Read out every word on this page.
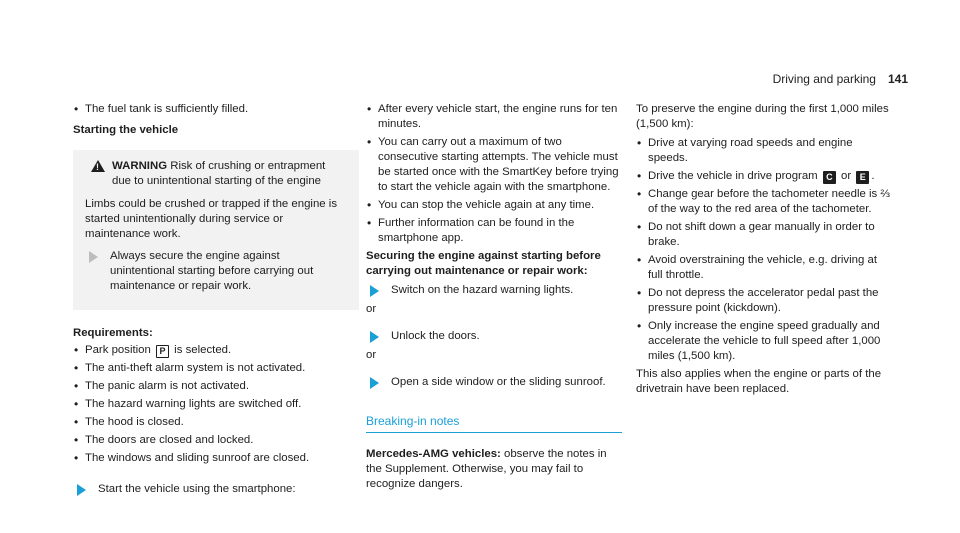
Driving and parking 141
• The fuel tank is sufficiently filled.
Starting the vehicle
!
WARNING Risk of crushing or entrapment due to unintentional starting of the engine

Limbs could be crushed or trapped if the engine is started unintentionally during service or maintenance work.

Always secure the engine against unintentional starting before carrying out maintenance or repair work.
Requirements:
• Park position P is selected.
• The anti-theft alarm system is not activated.
• The panic alarm is not activated.
• The hazard warning lights are switched off.
• The hood is closed.
• The doors are closed and locked.
• The windows and sliding sunroof are closed.
Start the vehicle using the smartphone:
• After every vehicle start, the engine runs for ten minutes.
• You can carry out a maximum of two consecutive starting attempts. The vehicle must be started once with the SmartKey before trying to start the vehicle again with the smartphone.
• You can stop the vehicle again at any time.
• Further information can be found in the smartphone app.
Securing the engine against starting before carrying out maintenance or repair work:
Switch on the hazard warning lights.
or
Unlock the doors.
or
Open a side window or the sliding sunroof.
Breaking-in notes

Mercedes-AMG vehicles: observe the notes in the Supplement. Otherwise, you may fail to recognize dangers.

To preserve the engine during the first 1,000 miles (1,500 km):

• Drive at varying road speeds and engine speeds.
• Drive the vehicle in drive program C or E .
• Change gear before the tachometer needle is ⅔ of the way to the red area of the tachometer.
• Do not shift down a gear manually in order to brake.
• Avoid overstraining the vehicle, e.g. driving at full throttle.
• Do not depress the accelerator pedal past the pressure point (kickdown).
• Only increase the engine speed gradually and accelerate the vehicle to full speed after 1,000 miles (1,500 km).

This also applies when the engine or parts of the drivetrain have been replaced.
